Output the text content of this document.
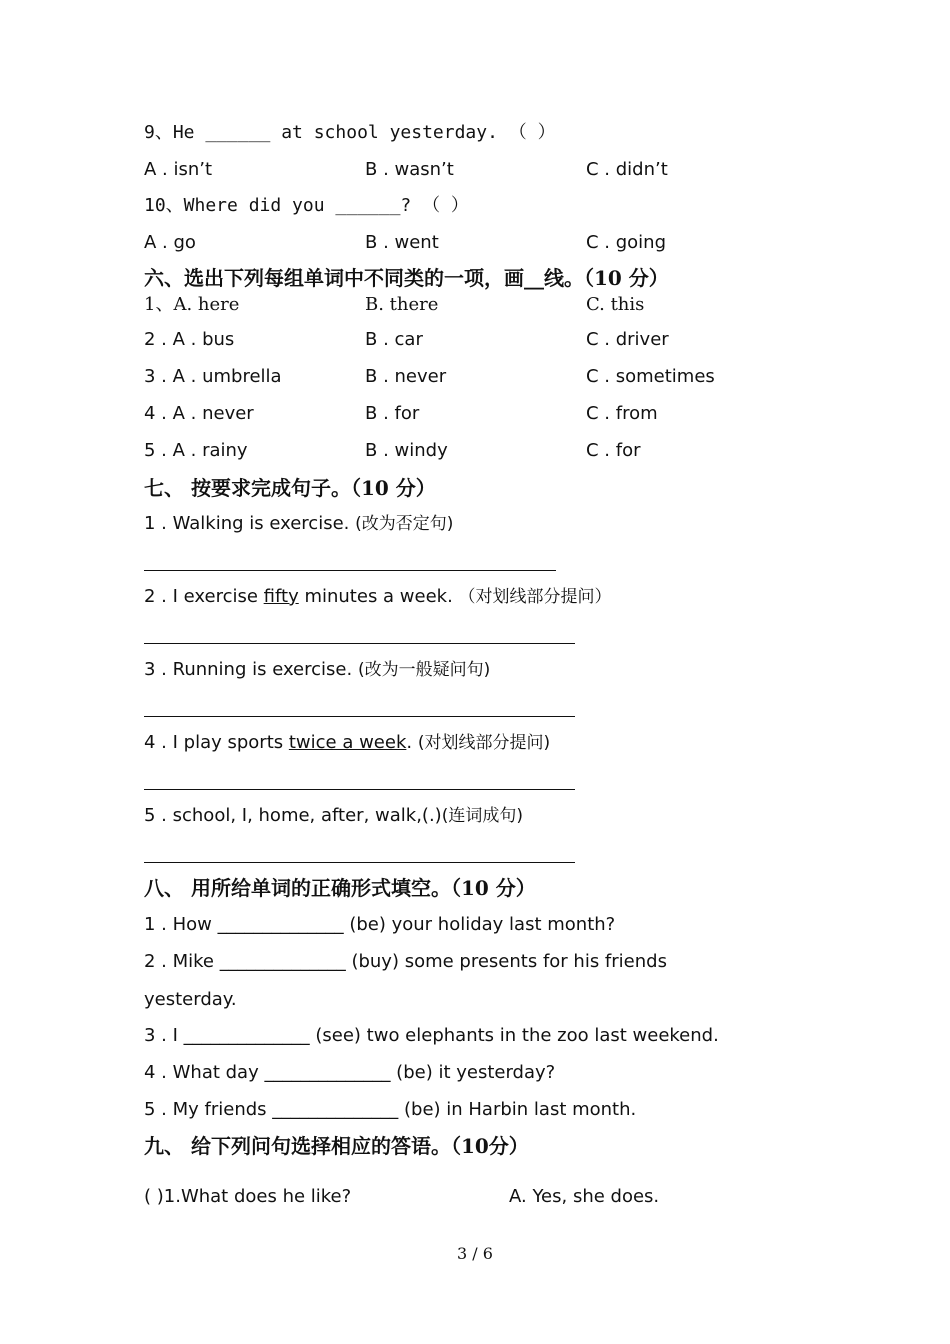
9、He ______ at school yesterday. （ ）
A . isn’t	B . wasn’t	C . didn’t
10、Where did you ______? （ ）
A . go	B . went	C . going
六、选出下列每组单词中不同类的一项，画__线。（10 分）
1、A. here	B. there	C. this
2 . A . bus	B . car	C . driver
3 . A . umbrella	B . never	C . sometimes
4 . A . never	B . for	C . from
5 . A . rainy	B . windy	C . for
七、 按要求完成句子。（10 分）
1 . Walking is exercise. (改为否定句)
2 . I exercise fifty minutes a week. （对划线部分提问）
3 . Running is exercise. (改为一般疑问句)
4 . I play sports twice a week. (对划线部分提问)
5 . school, I, home, after, walk,(.)(连词成句)
八、 用所给单词的正确形式填空。（10 分）
1 . How ______________ (be) your holiday last month?
2 . Mike ______________ (buy) some presents for his friends
yesterday.
3 . I ______________ (see) two elephants in the zoo last weekend.
4 . What day ______________ (be) it yesterday?
5 . My friends ______________ (be) in Harbin last month.
九、 给下列问句选择相应的答语。（10分）
( )1.What does he like?	A. Yes, she does.
3 / 6
